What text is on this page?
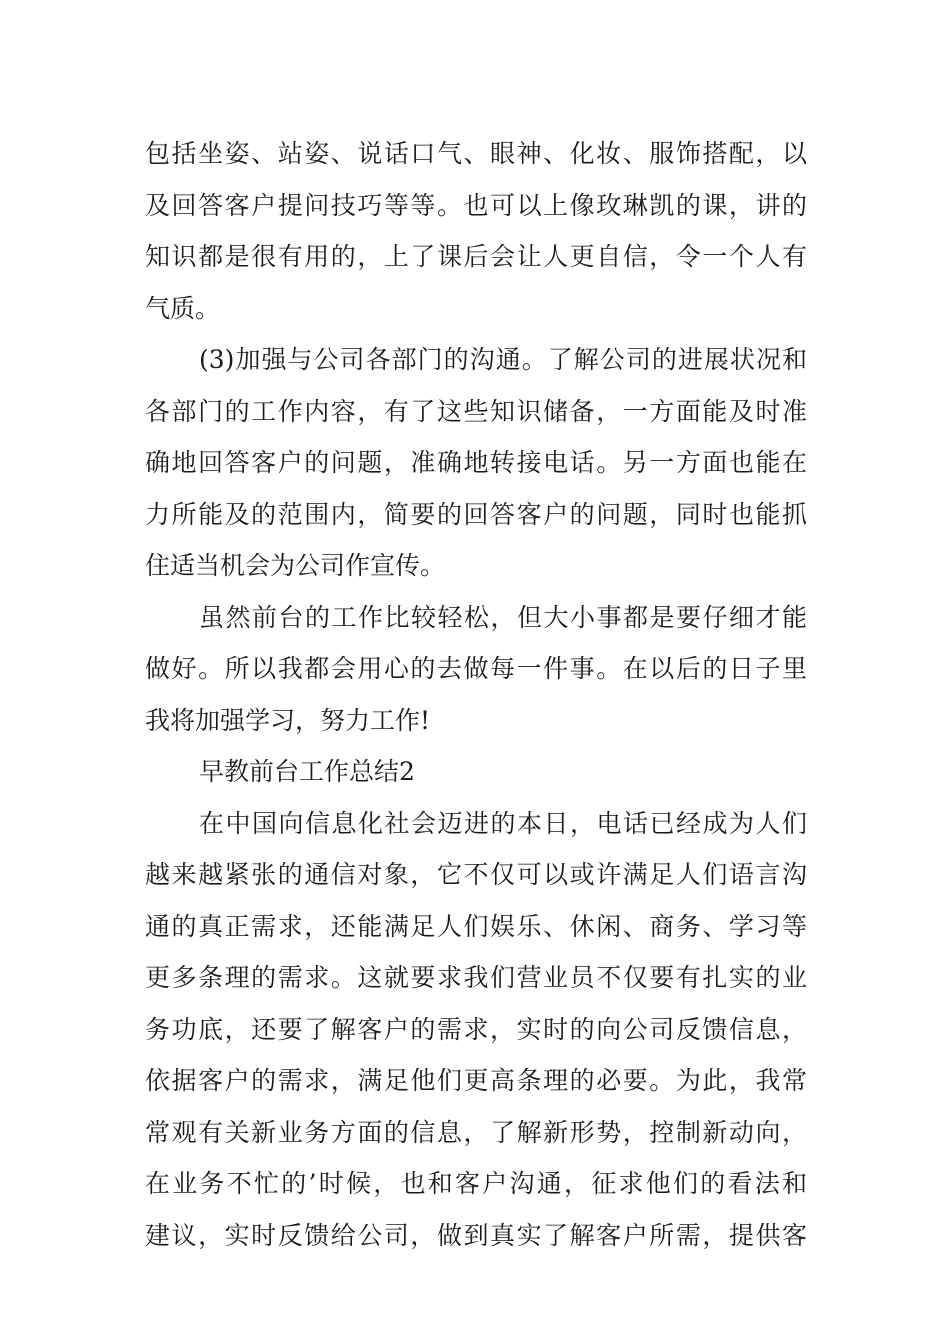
包括坐姿、站姿、说话口气、眼神、化妆、服饰搭配，以
及回答客户提问技巧等等。也可以上像玫琳凯的课，讲的
知识都是很有用的，上了课后会让人更自信，令一个人有
气质。
(3)加强与公司各部门的沟通。了解公司的进展状况和
各部门的工作内容，有了这些知识储备，一方面能及时准
确地回答客户的问题，准确地转接电话。另一方面也能在
力所能及的范围内，简要的回答客户的问题，同时也能抓
住适当机会为公司作宣传。
虽然前台的工作比较轻松，但大小事都是要仔细才能
做好。所以我都会用心的去做每一件事。在以后的日子里
我将加强学习，努力工作!
早教前台工作总结2
在中国向信息化社会迈进的本日，电话已经成为人们
越来越紧张的通信对象，它不仅可以或许满足人们语言沟
通的真正需求，还能满足人们娱乐、休闲、商务、学习等
更多条理的需求。这就要求我们营业员不仅要有扎实的业
务功底，还要了解客户的需求，实时的向公司反馈信息，
依据客户的需求，满足他们更高条理的必要。为此，我常
常观有关新业务方面的信息，了解新形势，控制新动向，
在业务不忙的’时候，也和客户沟通，征求他们的看法和
建议，实时反馈给公司，做到真实了解客户所需，提供客
